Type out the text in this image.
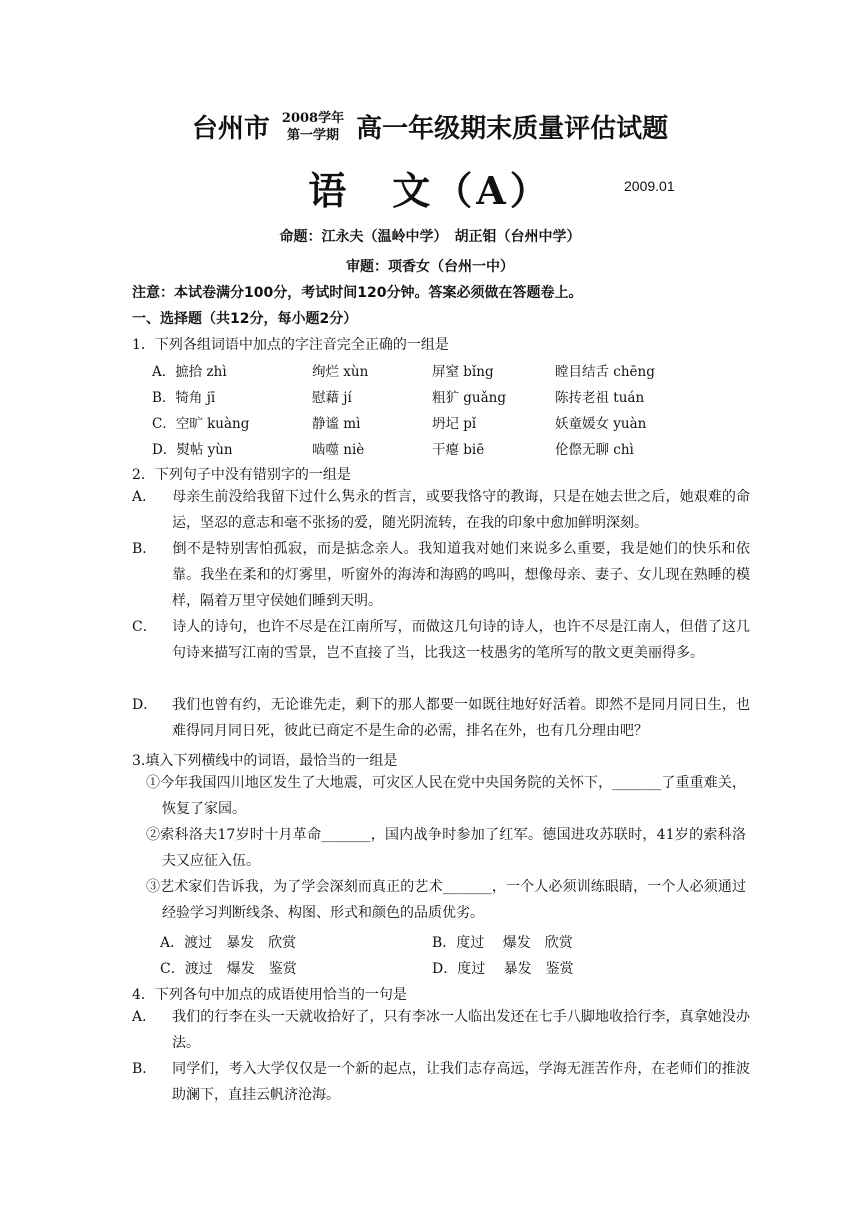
台州市 2008学年
第一学期 高一年级期末质量评估试题
语　文（A）	2009.01
命题：江永夫（温岭中学）　胡正钼（台州中学）
审题：项香女（台州一中）
注意：本试卷满分100分，考试时间120分钟。答案必须做在答题卷上。
一、选择题（共12分，每小题2分）
1．下列各组词语中加点的字注音完全正确的一组是
A．摭拾 zhì	绚烂 xùn	屏窒 bǐng	瞠目结舌 chēng
B．犄角 jī	慰藉 jí	粗犷 guǎng	陈抟老祖 tuán
C．空旷 kuàng	静谧 mì	坍圮 pǐ	妖童媛女 yuàn
D．熨帖 yùn	啮噬 niè	干瘪 biē	伦傺无聊 chì
2．下列句子中没有错别字的一组是
A． 母亲生前没给我留下过什么隽永的哲言，或要我恪守的教诲，只是在她去世之后，她艰难的命运，坚忍的意志和毫不张扬的爱，随光阴流转，在我的印象中愈加鲜明深刻。
B． 倒不是特别害怕孤寂，而是掂念亲人。我知道我对她们来说多么重要，我是她们的快乐和依靠。我坐在柔和的灯雾里，听窗外的海涛和海鸥的鸣叫，想像母亲、妻子、女儿现在熟睡的模样，隔着万里守侯她们睡到天明。
C． 诗人的诗句，也许不尽是在江南所写，而做这几句诗的诗人，也许不尽是江南人，但借了这几句诗来描写江南的雪景，岂不直接了当，比我这一枝愚劣的笔所写的散文更美丽得多。
D． 我们也曾有约，无论谁先走，剩下的那人都要一如既往地好好活着。即然不是同月同日生，也难得同月同日死，彼此已商定不是生命的必需，排名在外，也有几分理由吧？
3.填入下列横线中的词语，最恰当的一组是
①今年我国四川地区发生了大地震，可灾区人民在党中央国务院的关怀下，_______了重重难关，恢复了家园。
②索科洛夫17岁时十月革命_______，国内战争时参加了红军。德国进攻苏联时，41岁的索科洛夫又应征入伍。
③艺术家们告诉我，为了学会深刻而真正的艺术_______，一个人必须训练眼睛，一个人必须通过经验学习判断线条、构图、形式和颜色的品质优劣。
A．渡过　暴发　欣赏	B．度过　 爆发　欣赏
C．渡过　爆发　鉴赏	D．度过　 暴发　鉴赏
4．下列各句中加点的成语使用恰当的一句是
A． 我们的行李在头一天就收拾好了，只有李冰一人临出发还在七手八脚地收拾行李，真拿她没办法。
B． 同学们，考入大学仅仅是一个新的起点，让我们志存高远，学海无涯苦作舟，在老师们的推波助澜下，直挂云帆济沧海。
